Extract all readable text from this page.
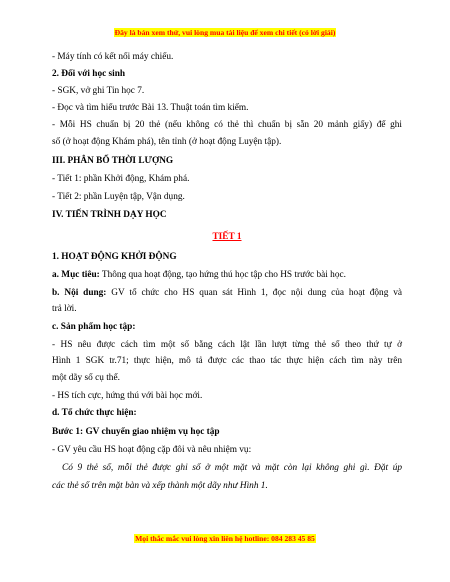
Đây là bản xem thử, vui lòng mua tài liệu để xem chi tiết (có lời giải)
- Máy tính có kết nối máy chiếu.
2. Đối với học sinh
- SGK, vở ghi Tin học 7.
- Đọc và tìm hiểu trước Bài 13. Thuật toán tìm kiếm.
- Mỗi HS chuẩn bị 20 thẻ (nếu không có thẻ thì chuẩn bị sẵn 20 mảnh giấy) để ghi
số (ở hoạt động Khám phá), tên tỉnh (ở hoạt động Luyện tập).
III. PHÂN BỐ THỜI LƯỢNG
- Tiết 1: phần Khởi động, Khám phá.
- Tiết 2: phần Luyện tập, Vận dụng.
IV. TIẾN TRÌNH DẠY HỌC
TIẾT 1
1. HOẠT ĐỘNG KHỞI ĐỘNG
a. Mục tiêu: Thông qua hoạt động, tạo hứng thú học tập cho HS trước bài học.
b. Nội dung: GV tổ chức cho HS quan sát Hình 1, đọc nội dung của hoạt động và
trả lời.
c. Sản phẩm học tập:
- HS nêu được cách tìm một số bằng cách lật lần lượt từng thẻ số theo thứ tự ở
Hình 1 SGK tr.71; thực hiện, mô tả được các thao tác thực hiện cách tìm này trên
một dãy số cụ thể.
- HS tích cực, hứng thú với bài học mới.
d. Tổ chức thực hiện:
Bước 1: GV chuyển giao nhiệm vụ học tập
- GV yêu cầu HS hoạt động cặp đôi và nêu nhiệm vụ:
Có 9 thẻ số, mỗi thẻ được ghi số ở một mặt và mặt còn lại không ghi gì. Đặt úp
các thẻ số trên mặt bàn và xếp thành một dãy như Hình 1.
Mọi thắc mắc vui lòng xin liên hệ hotline: 084 283 45 85
